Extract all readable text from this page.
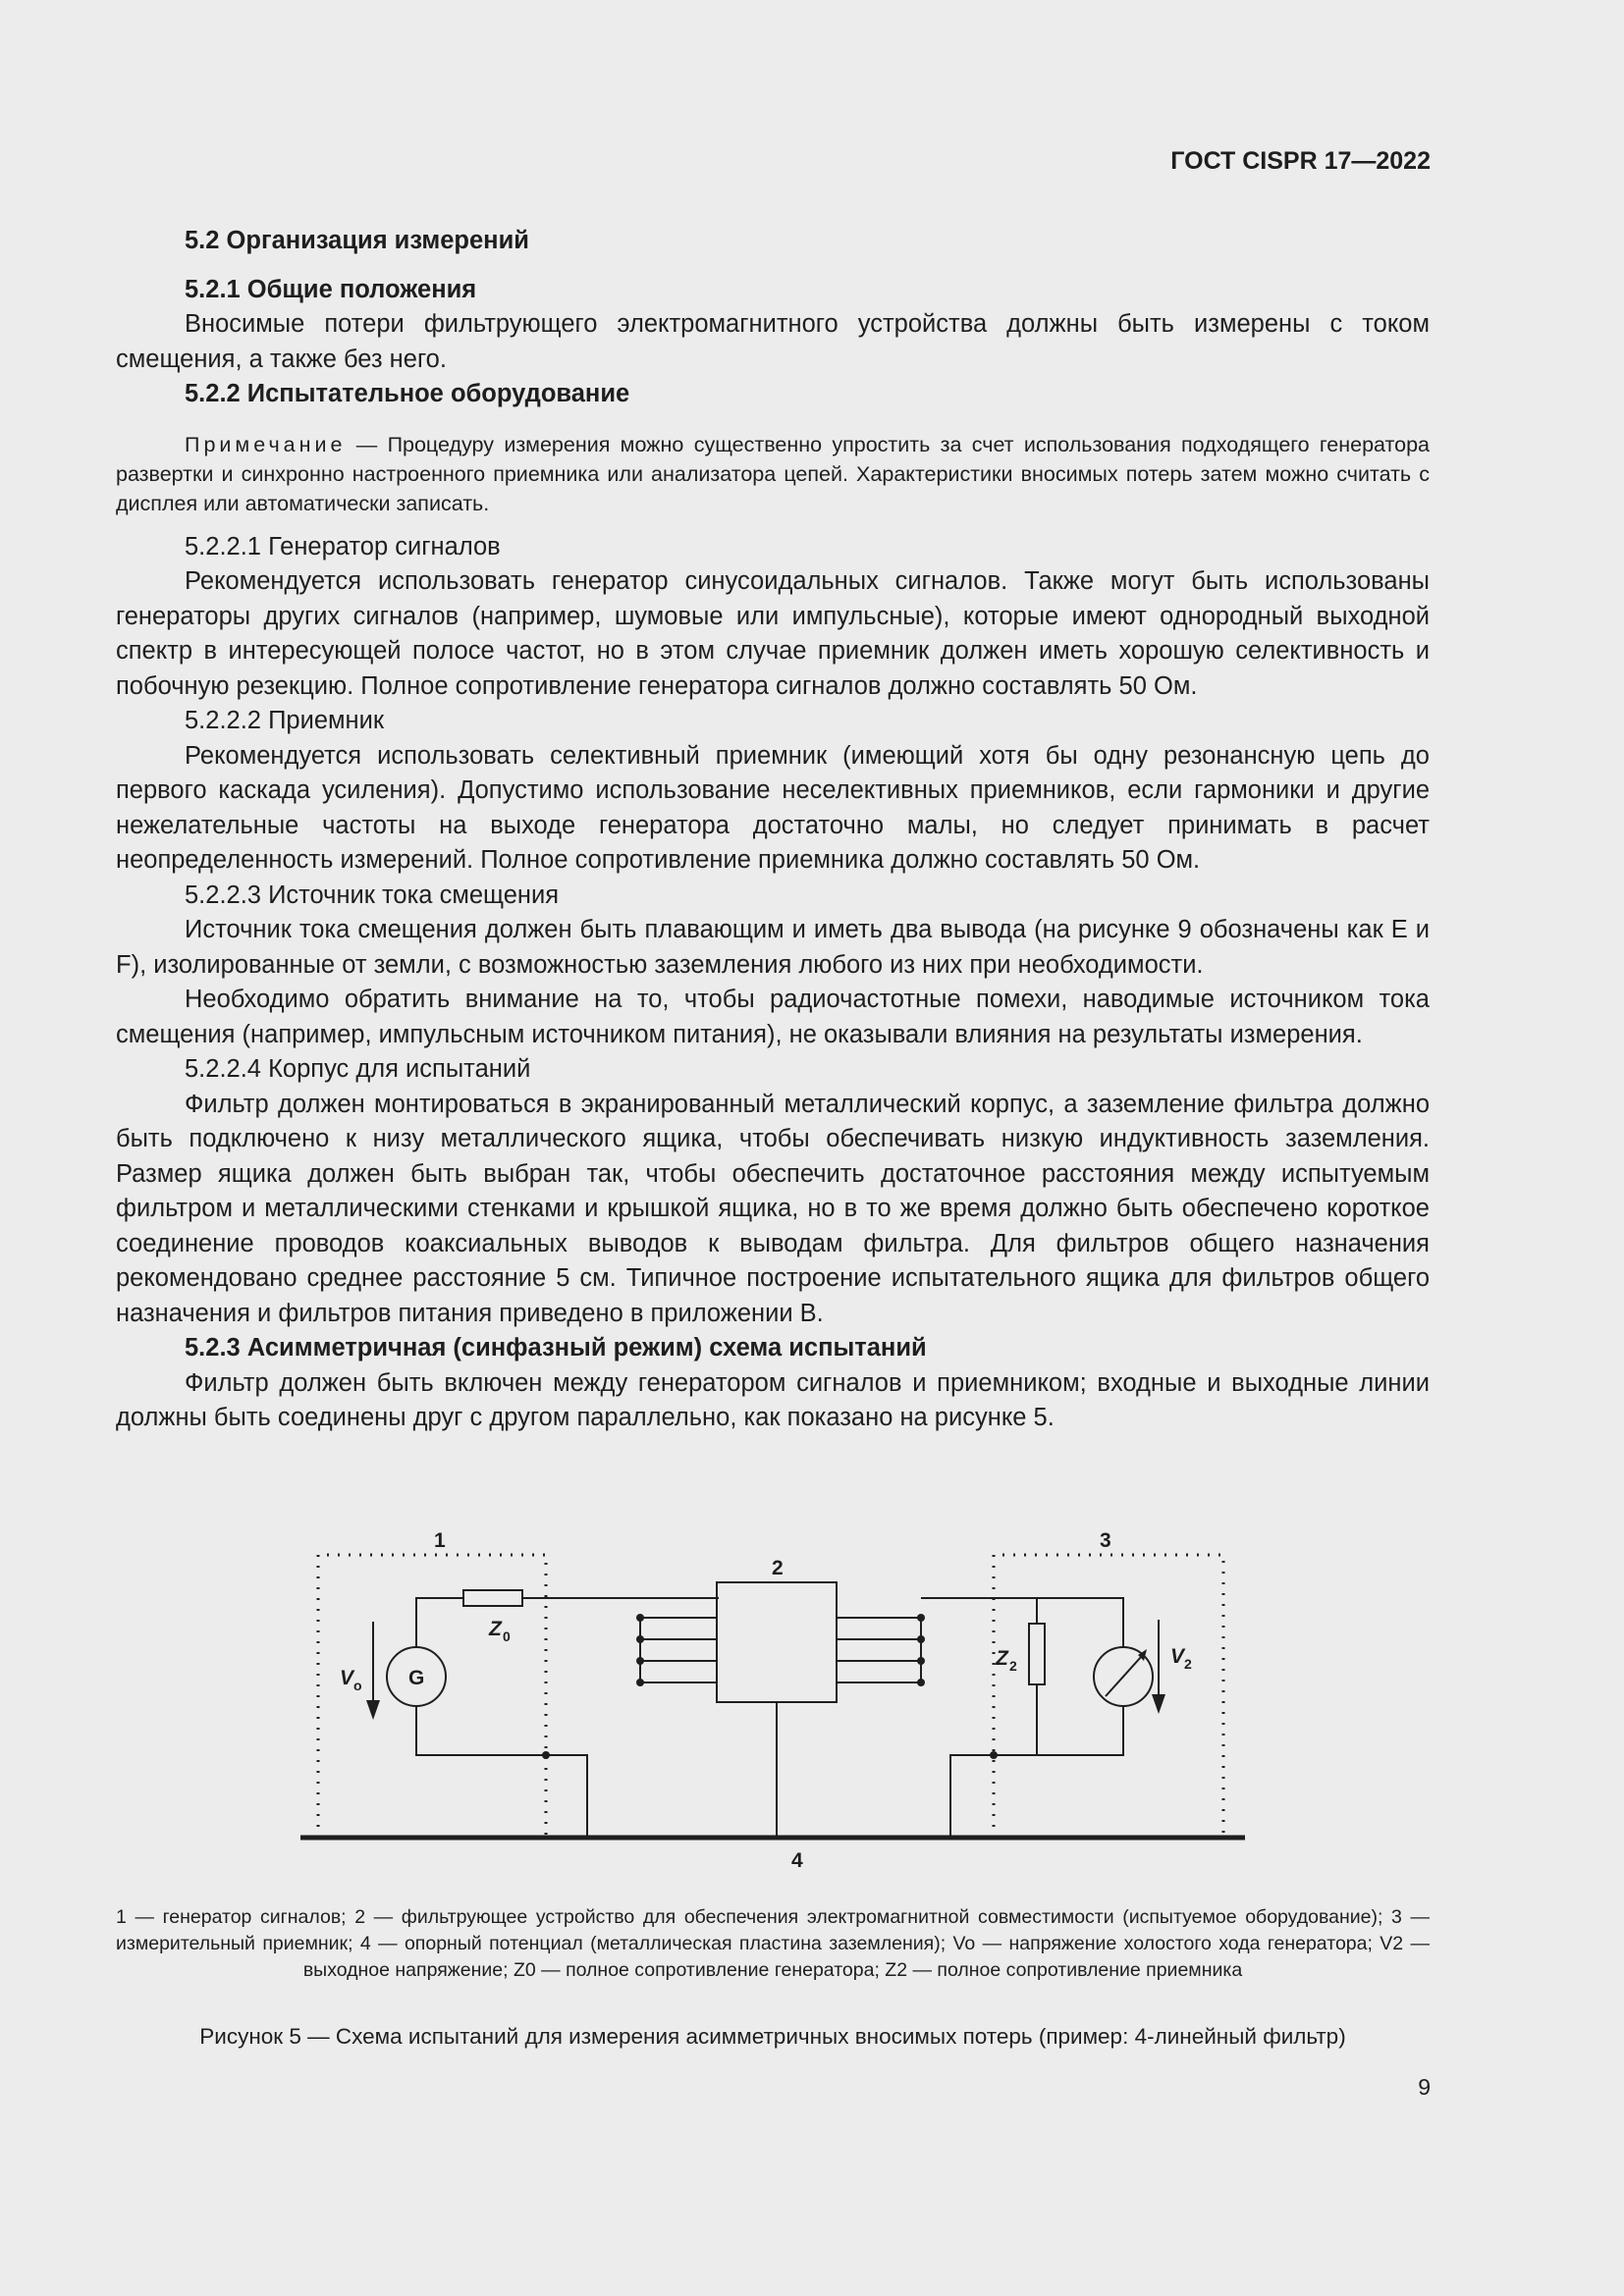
ГОСТ CISPR 17—2022

5.2 Организация измерений

5.2.1 Общие положения

Вносимые потери фильтрующего электромагнитного устройства должны быть измерены с током смещения, а также без него.

5.2.2 Испытательное оборудование

Примечание — Процедуру измерения можно существенно упростить за счет использования подходящего генератора развертки и синхронно настроенного приемника или анализатора цепей. Характеристики вносимых потерь затем можно считать с дисплея или автоматически записать.

5.2.2.1 Генератор сигналов

Рекомендуется использовать генератор синусоидальных сигналов. Также могут быть использованы генераторы других сигналов (например, шумовые или импульсные), которые имеют однородный выходной спектр в интересующей полосе частот, но в этом случае приемник должен иметь хорошую селективность и побочную резекцию. Полное сопротивление генератора сигналов должно составлять 50 Ом.

5.2.2.2 Приемник

Рекомендуется использовать селективный приемник (имеющий хотя бы одну резонансную цепь до первого каскада усиления). Допустимо использование неселективных приемников, если гармоники и другие нежелательные частоты на выходе генератора достаточно малы, но следует принимать в расчет неопределенность измерений. Полное сопротивление приемника должно составлять 50 Ом.

5.2.2.3 Источник тока смещения

Источник тока смещения должен быть плавающим и иметь два вывода (на рисунке 9 обозначены как E и F), изолированные от земли, с возможностью заземления любого из них при необходимости.

Необходимо обратить внимание на то, чтобы радиочастотные помехи, наводимые источником тока смещения (например, импульсным источником питания), не оказывали влияния на результаты измерения.

5.2.2.4 Корпус для испытаний

Фильтр должен монтироваться в экранированный металлический корпус, а заземление фильтра должно быть подключено к низу металлического ящика, чтобы обеспечивать низкую индуктивность заземления. Размер ящика должен быть выбран так, чтобы обеспечить достаточное расстояния между испытуемым фильтром и металлическими стенками и крышкой ящика, но в то же время должно быть обеспечено короткое соединение проводов коаксиальных выводов к выводам фильтра. Для фильтров общего назначения рекомендовано среднее расстояние 5 см. Типичное построение испытательного ящика для фильтров общего назначения и фильтров питания приведено в приложении В.

5.2.3 Асимметричная (синфазный режим) схема испытаний

Фильтр должен быть включен между генератором сигналов и приемником; входные и выходные линии должны быть соединены друг с другом параллельно, как показано на рисунке 5.

1
2
3
4
G
Z 0
Z 2
V o
V 2
1 — генератор сигналов; 2 — фильтрующее устройство для обеспечения электромагнитной совместимости (испытуемое оборудование); 3 — измерительный приемник; 4 — опорный потенциал (металлическая пластина заземления); Vo — напряжение холостого хода генератора; V2 — выходное напряжение; Z0 — полное сопротивление генератора; Z2 — полное сопротивление приемника
Рисунок 5 — Схема испытаний для измерения асимметричных вносимых потерь (пример: 4-линейный фильтр)
9
